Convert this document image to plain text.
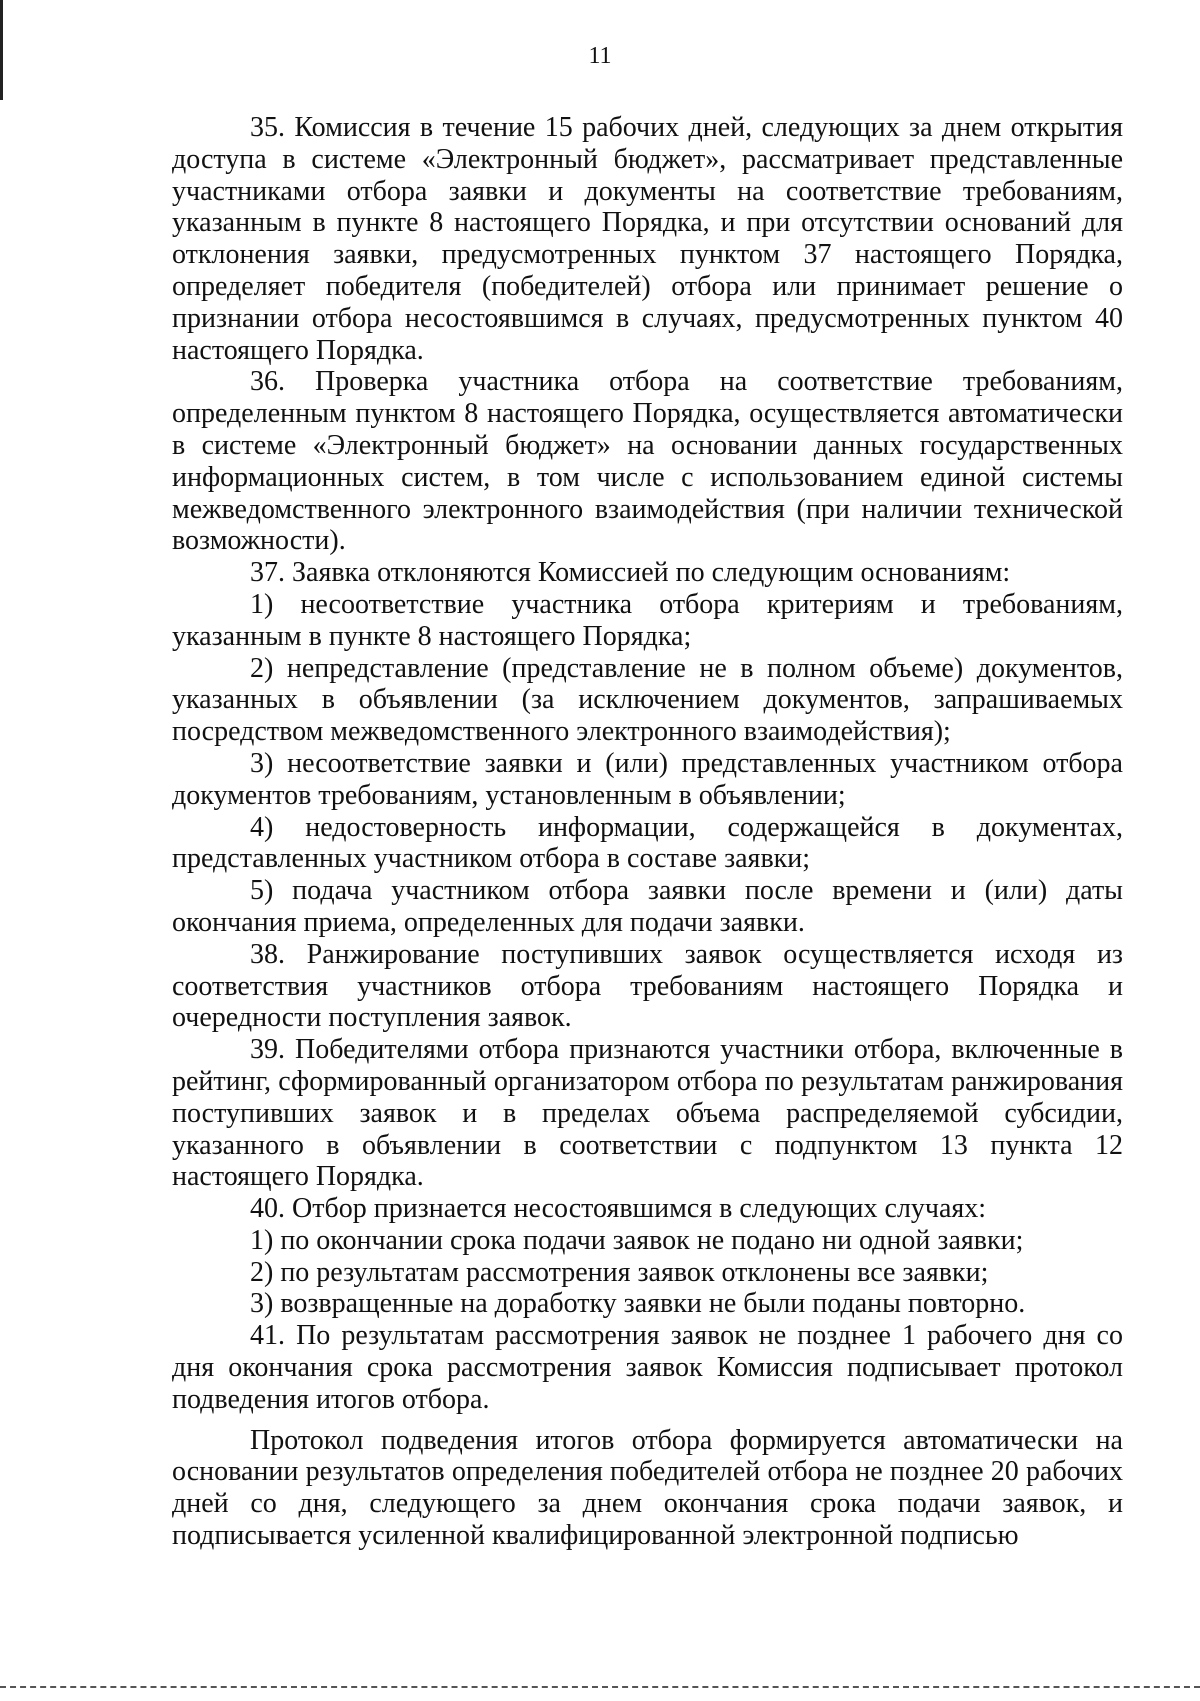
11

35. Комиссия в течение 15 рабочих дней, следующих за днем открытия доступа в системе «Электронный бюджет», рассматривает представленные участниками отбора заявки и документы на соответствие требованиям, указанным в пункте 8 настоящего Порядка, и при отсутствии оснований для отклонения заявки, предусмотренных пунктом 37 настоящего Порядка, определяет победителя (победителей) отбора или принимает решение о признании отбора несостоявшимся в случаях, предусмотренных пунктом 40 настоящего Порядка.

36. Проверка участника отбора на соответствие требованиям, определенным пунктом 8 настоящего Порядка, осуществляется автоматически в системе «Электронный бюджет» на основании данных государственных информационных систем, в том числе с использованием единой системы межведомственного электронного взаимодействия (при наличии технической возможности).

37. Заявка отклоняются Комиссией по следующим основаниям:

1) несоответствие участника отбора критериям и требованиям, указанным в пункте 8 настоящего Порядка;

2) непредставление (представление не в полном объеме) документов, указанных в объявлении (за исключением документов, запрашиваемых посредством межведомственного электронного взаимодействия);

3) несоответствие заявки и (или) представленных участником отбора документов требованиям, установленным в объявлении;

4) недостоверность информации, содержащейся в документах, представленных участником отбора в составе заявки;

5) подача участником отбора заявки после времени и (или) даты окончания приема, определенных для подачи заявки.

38. Ранжирование поступивших заявок осуществляется исходя из соответствия участников отбора требованиям настоящего Порядка и очередности поступления заявок.

39. Победителями отбора признаются участники отбора, включенные в рейтинг, сформированный организатором отбора по результатам ранжирования поступивших заявок и в пределах объема распределяемой субсидии, указанного в объявлении в соответствии с подпунктом 13 пункта 12 настоящего Порядка.

40. Отбор признается несостоявшимся в следующих случаях:

1) по окончании срока подачи заявок не подано ни одной заявки;

2) по результатам рассмотрения заявок отклонены все заявки;

3) возвращенные на доработку заявки не были поданы повторно.

41. По результатам рассмотрения заявок не позднее 1 рабочего дня со дня окончания срока рассмотрения заявок Комиссия подписывает протокол подведения итогов отбора.

Протокол подведения итогов отбора формируется автоматически на основании результатов определения победителей отбора не позднее 20 рабочих дней со дня, следующего за днем окончания срока подачи заявок, и подписывается усиленной квалифицированной электронной подписью
